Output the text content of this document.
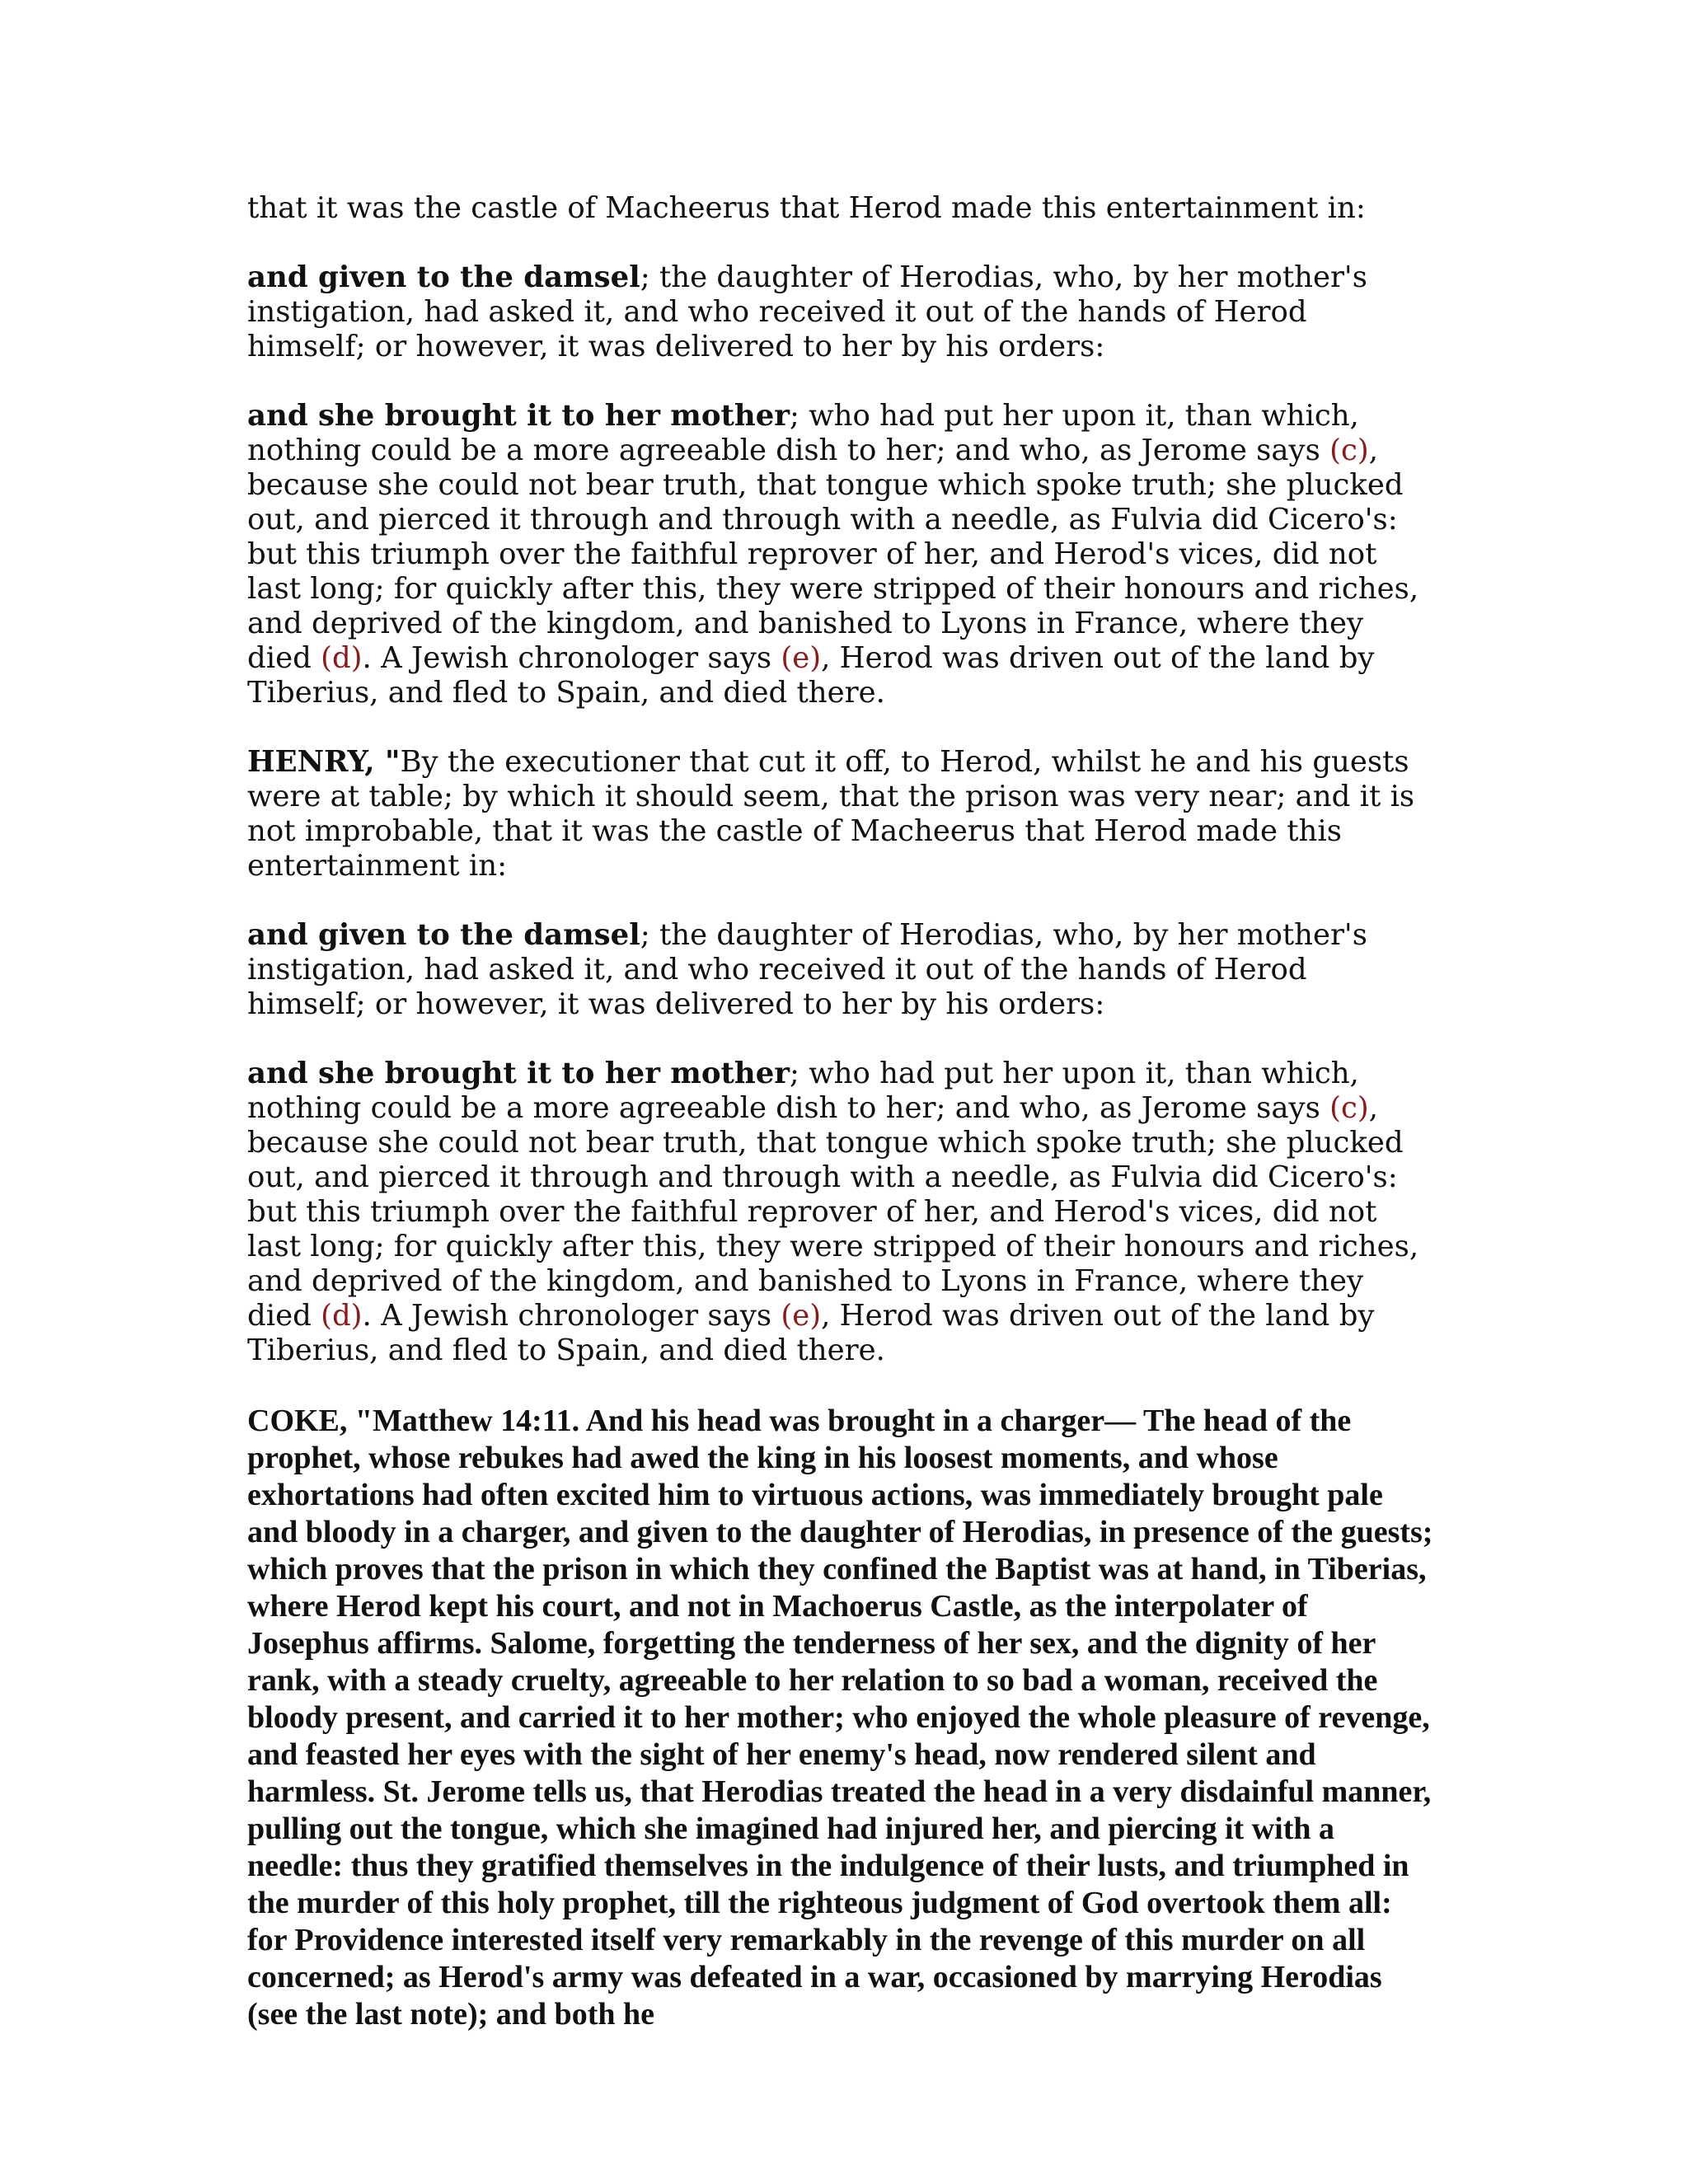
that it was the castle of Macheerus that Herod made this entertainment in:

and given to the damsel; the daughter of Herodias, who, by her mother's instigation, had asked it, and who received it out of the hands of Herod himself; or however, it was delivered to her by his orders:

and she brought it to her mother; who had put her upon it, than which, nothing could be a more agreeable dish to her; and who, as Jerome says (c), because she could not bear truth, that tongue which spoke truth; she plucked out, and pierced it through and through with a needle, as Fulvia did Cicero's: but this triumph over the faithful reprover of her, and Herod's vices, did not last long; for quickly after this, they were stripped of their honours and riches, and deprived of the kingdom, and banished to Lyons in France, where they died (d). A Jewish chronologer says (e), Herod was driven out of the land by Tiberius, and fled to Spain, and died there.

HENRY, "By the executioner that cut it off, to Herod, whilst he and his guests were at table; by which it should seem, that the prison was very near; and it is not improbable, that it was the castle of Macheerus that Herod made this entertainment in:

and given to the damsel; the daughter of Herodias, who, by her mother's instigation, had asked it, and who received it out of the hands of Herod himself; or however, it was delivered to her by his orders:

and she brought it to her mother; who had put her upon it, than which, nothing could be a more agreeable dish to her; and who, as Jerome says (c), because she could not bear truth, that tongue which spoke truth; she plucked out, and pierced it through and through with a needle, as Fulvia did Cicero's: but this triumph over the faithful reprover of her, and Herod's vices, did not last long; for quickly after this, they were stripped of their honours and riches, and deprived of the kingdom, and banished to Lyons in France, where they died (d). A Jewish chronologer says (e), Herod was driven out of the land by Tiberius, and fled to Spain, and died there.

COKE, "Matthew 14:11. And his head was brought in a charger— The head of the prophet, whose rebukes had awed the king in his loosest moments, and whose exhortations had often excited him to virtuous actions, was immediately brought pale and bloody in a charger, and given to the daughter of Herodias, in presence of the guests; which proves that the prison in which they confined the Baptist was at hand, in Tiberias, where Herod kept his court, and not in Machoerus Castle, as the interpolater of Josephus affirms. Salome, forgetting the tenderness of her sex, and the dignity of her rank, with a steady cruelty, agreeable to her relation to so bad a woman, received the bloody present, and carried it to her mother; who enjoyed the whole pleasure of revenge, and feasted her eyes with the sight of her enemy's head, now rendered silent and harmless. St. Jerome tells us, that Herodias treated the head in a very disdainful manner, pulling out the tongue, which she imagined had injured her, and piercing it with a needle: thus they gratified themselves in the indulgence of their lusts, and triumphed in the murder of this holy prophet, till the righteous judgment of God overtook them all: for Providence interested itself very remarkably in the revenge of this murder on all concerned; as Herod's army was defeated in a war, occasioned by marrying Herodias (see the last note); and both he
